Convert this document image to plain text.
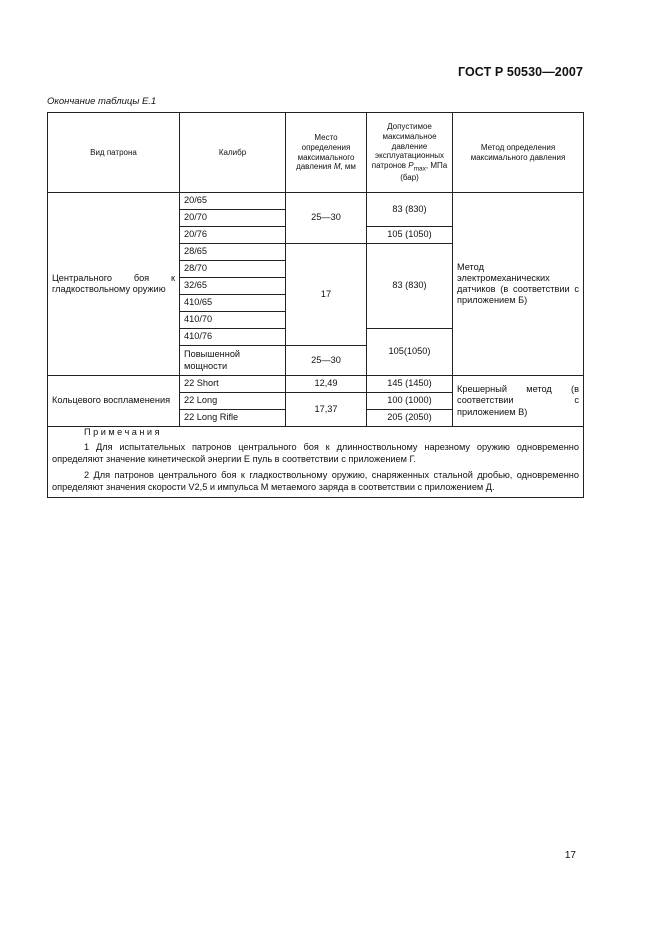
ГОСТ Р 50530—2007
Окончание таблицы Е.1
Вид патрона	Калибр	Место определения максимального давления М, мм	Допустимое максимальное давление эксплуатационных патронов $P_{max}$, МПа (бар)	Метод определения максимального давления
Центрального боя к гладкоствольному оружию	20/65	25—30	83 (830)	Метод электромеханических датчиков (в соответствии с приложением Б)
	20/70			
	20/76		105 (1050)	
	28/65	17	83 (830)	
	28/70			
	32/65			
	410/65			
	410/70			
	410/76		105(1050)	
	Повышенной мощности	25—30		
Кольцевого воспламенения	22 Short	12,49	145 (1450)	Крешерный метод (в соответствии с приложением В)
	22 Long	17,37	100 (1000)	
	22 Long Rifle		205 (2050)	

Примечания

1 Для испытательных патронов центрального боя к длинноствольному нарезному оружию одновременно определяют значение кинетической энергии Е пуль в соответствии с приложением Г.

2 Для патронов центрального боя к гладкоствольному оружию, снаряженных стальной дробью, одновременно определяют значения скорости V2,5 и импульса М метаемого заряда в соответствии с приложением Д.				

17
